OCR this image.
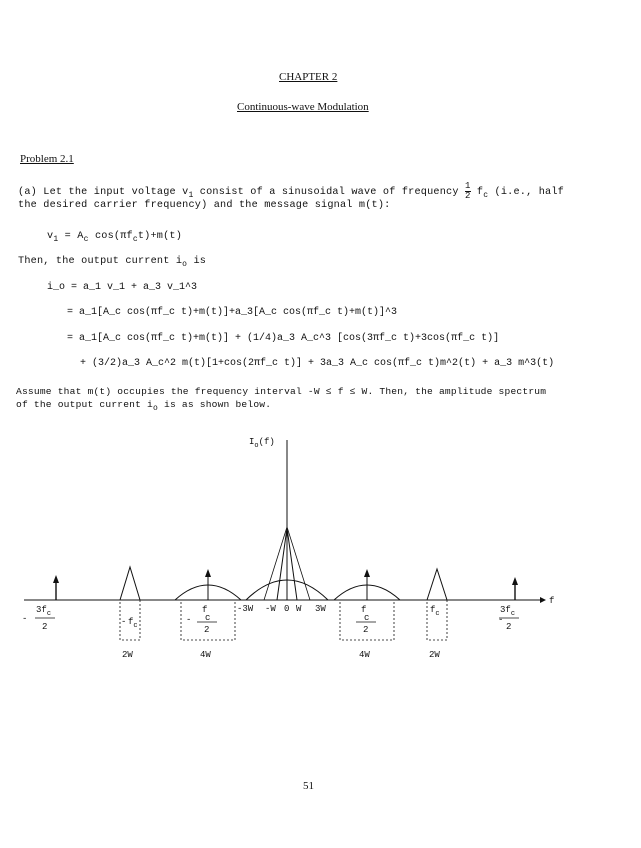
CHAPTER 2
Continuous-wave Modulation
Problem 2.1
(a) Let the input voltage $v_1$ consist of a sinusoidal wave of frequency $\frac{1}{2} f_c$ (i.e., half
the desired carrier frequency) and the message signal m(t):
$v_1 = A_c$ $\cos(\pi f_ct)+m(t)$
Then, the output current $i_o$ is
i_o = a_1 v_1 + a_3 v_1^3
= a_1[A_c cos(πf_c t)+m(t)]+a_3[A_c cos(πf_c t)+m(t)]^3
= a_1[A_c cos(πf_c t)+m(t)] + (1/4)a_3 A_c^3 [cos(3πf_c t)+3cos(πf_c t)]
+ (3/2)a_3 A_c^2 m(t)[1+cos(2πf_c t)] + 3a_3 A_c cos(πf_c t)m^2(t) + a_3 m^3(t)
Assume that m(t) occupies the frequency interval -W ≤ f ≤ W. Then, the amplitude spectrum
of the output current $i_o$ is as shown below.
$I_o(f)$
f
-3W -W 0 W 3W
$3f_c$
2
-	- $f_c$
-
f
c
2
f
c
2
$f_c$	$3f_c$
2
-
2W	4W	4W	2W
51
